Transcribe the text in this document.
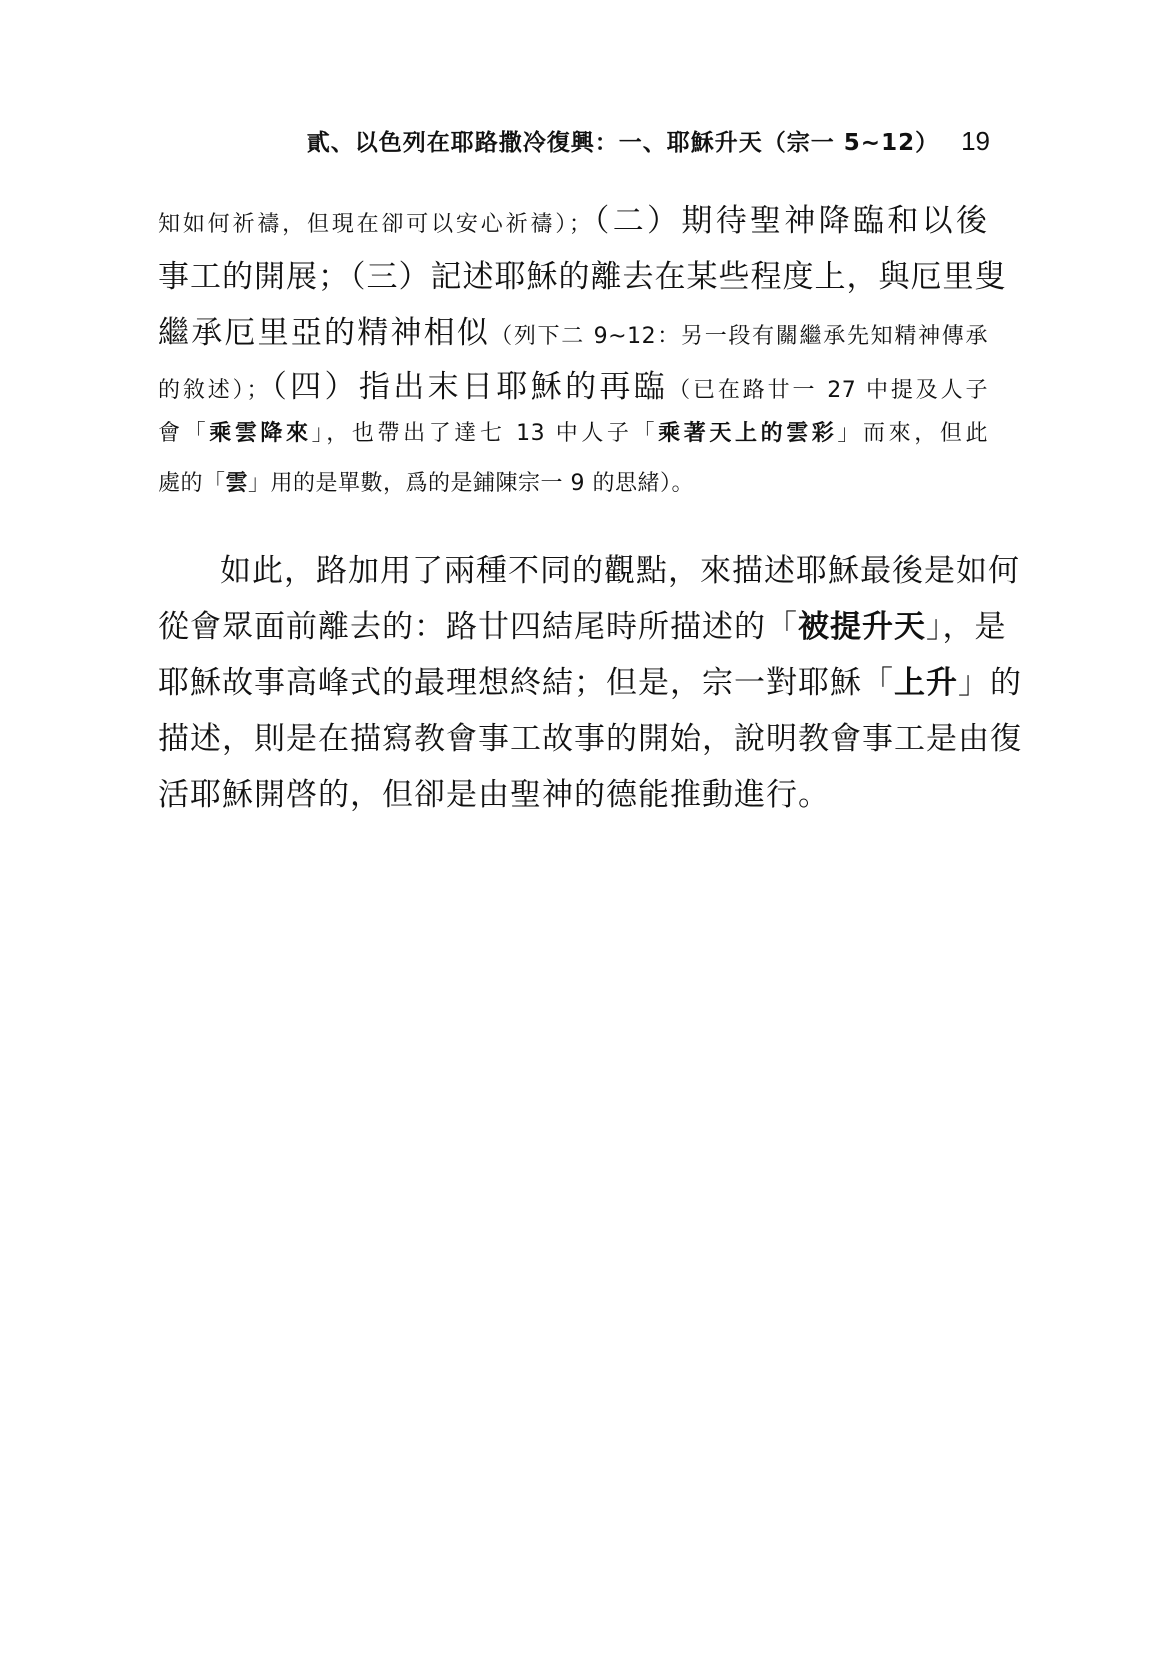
貳、以色列在耶路撒冷復興：一、耶穌升天（宗一 5~12） 19
知如何祈禱，但現在卻可以安心祈禱）；（二）期待聖神降臨和以後
事工的開展；（三）記述耶穌的離去在某些程度上，與厄里叟
繼承厄里亞的精神相似（列下二 9~12：另一段有關繼承先知精神傳承
的敘述）；（四）指出末日耶穌的再臨（已在路廿一 27 中提及人子
會「乘雲降來」，也帶出了達七 13 中人子「乘著天上的雲彩」而來，但此
處的「雲」用的是單數，爲的是鋪陳宗一 9 的思緒）。
如此，路加用了兩種不同的觀點，來描述耶穌最後是如何
從會眾面前離去的：路廿四結尾時所描述的「被提升天」，是
耶穌故事高峰式的最理想終結；但是，宗一對耶穌「上升」的
描述，則是在描寫教會事工故事的開始，說明教會事工是由復
活耶穌開啓的，但卻是由聖神的德能推動進行。
